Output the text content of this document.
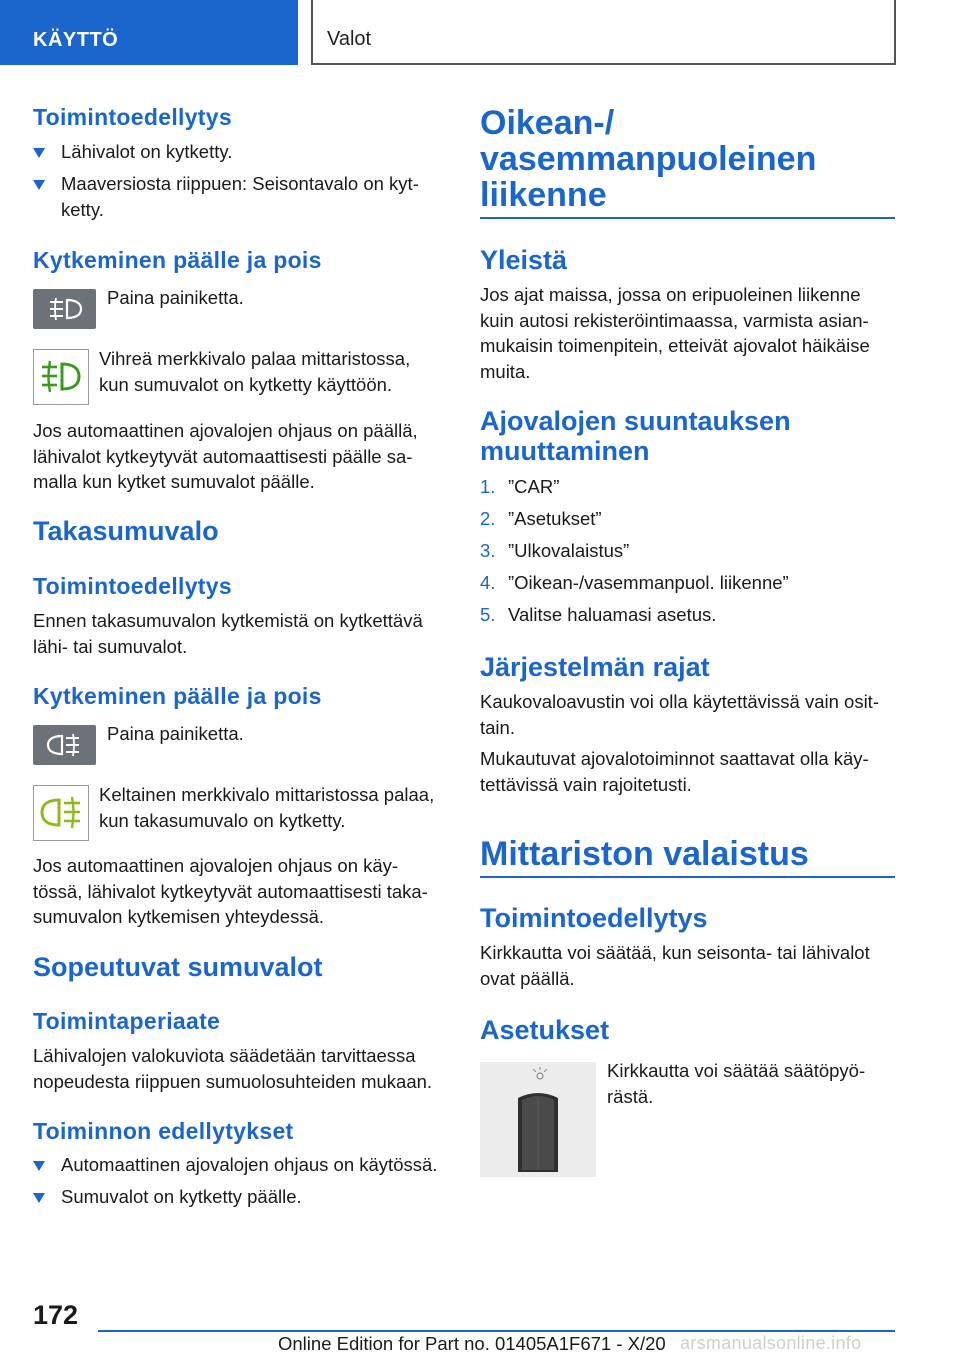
KÄYTTÖ	Valot
Toimintoedellytys
Lähivalot on kytketty.
Maaversiosta riippuen: Seisontavalo on kyt-
ketty.
Kytkeminen päälle ja pois
Paina painiketta.
Vihreä merkkivalo palaa mittaristossa,
kun sumuvalot on kytketty käyttöön.
Jos automaattinen ajovalojen ohjaus on päällä,
lähivalot kytkeytyvät automaattisesti päälle sa-
malla kun kytket sumuvalot päälle.
Takasumuvalo
Toimintoedellytys
Ennen takasumuvalon kytkemistä on kytkettävä
lähi- tai sumuvalot.
Kytkeminen päälle ja pois
Paina painiketta.
Keltainen merkkivalo mittaristossa palaa,
kun takasumuvalo on kytketty.
Jos automaattinen ajovalojen ohjaus on käy-
tössä, lähivalot kytkeytyvät automaattisesti taka-
sumuvalon kytkemisen yhteydessä.
Sopeutuvat sumuvalot
Toimintaperiaate
Lähivalojen valokuviota säädetään tarvittaessa
nopeudesta riippuen sumuolosuhteiden mukaan.
Toiminnon edellytykset
Automaattinen ajovalojen ohjaus on käytössä.
Sumuvalot on kytketty päälle.
Oikean-/
vasemmanpuoleinen
liikenne
Yleistä
Jos ajat maissa, jossa on eripuoleinen liikenne
kuin autosi rekisteröintimaassa, varmista asian-
mukaisin toimenpitein, etteivät ajovalot häikäise
muita.
Ajovalojen suuntauksen
muuttaminen
1. ”CAR”
2. ”Asetukset”
3. ”Ulkovalaistus”
4. ”Oikean-/vasemmanpuol. liikenne”
5. Valitse haluamasi asetus.
Järjestelmän rajat
Kaukovaloavustin voi olla käytettävissä vain osit-
tain.
Mukautuvat ajovalotoiminnot saattavat olla käy-
tettävissä vain rajoitetusti.
Mittariston valaistus
Toimintoedellytys
Kirkkautta voi säätää, kun seisonta- tai lähivalot
ovat päällä.
Asetukset
Kirkkautta voi säätää säätöpyö-
rästä.
172
Online Edition for Part no. 01405A1F671 - X/20 arsmanualsonline.info
